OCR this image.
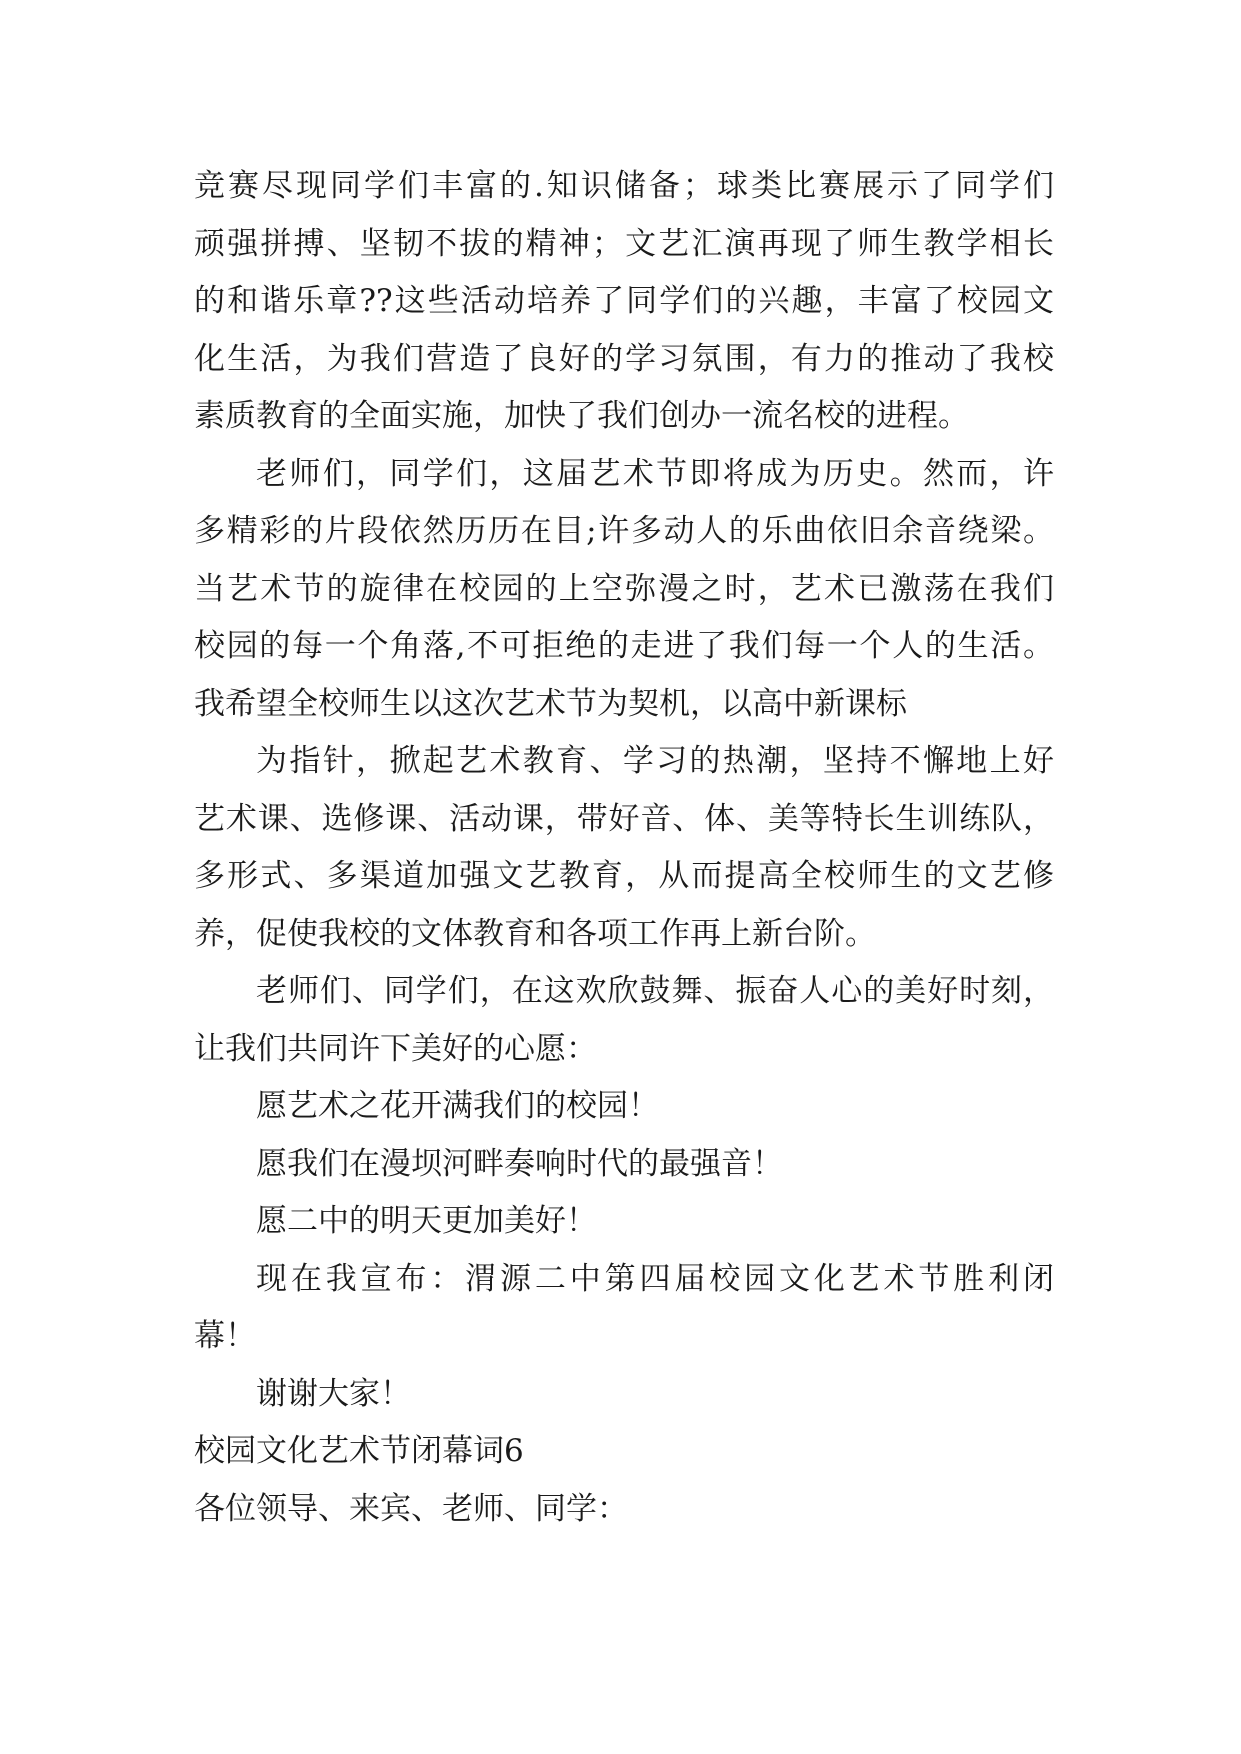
竞赛尽现同学们丰富的.知识储备；球类比赛展示了同学们
顽强拼搏、坚韧不拔的精神；文艺汇演再现了师生教学相长
的和谐乐章??这些活动培养了同学们的兴趣，丰富了校园文
化生活，为我们营造了良好的学习氛围，有力的推动了我校
素质教育的全面实施，加快了我们创办一流名校的进程。
老师们，同学们，这届艺术节即将成为历史。然而，许
多精彩的片段依然历历在目;许多动人的乐曲依旧余音绕梁。
当艺术节的旋律在校园的上空弥漫之时，艺术已激荡在我们
校园的每一个角落,不可拒绝的走进了我们每一个人的生活。
我希望全校师生以这次艺术节为契机，以高中新课标
为指针，掀起艺术教育、学习的热潮，坚持不懈地上好
艺术课、选修课、活动课，带好音、体、美等特长生训练队，
多形式、多渠道加强文艺教育，从而提高全校师生的文艺修
养，促使我校的文体教育和各项工作再上新台阶。
老师们、同学们，在这欢欣鼓舞、振奋人心的美好时刻，
让我们共同许下美好的心愿：
愿艺术之花开满我们的校园！
愿我们在漫坝河畔奏响时代的最强音！
愿二中的明天更加美好！
现在我宣布：渭源二中第四届校园文化艺术节胜利闭
幕！
谢谢大家！
校园文化艺术节闭幕词6
各位领导、来宾、老师、同学：
